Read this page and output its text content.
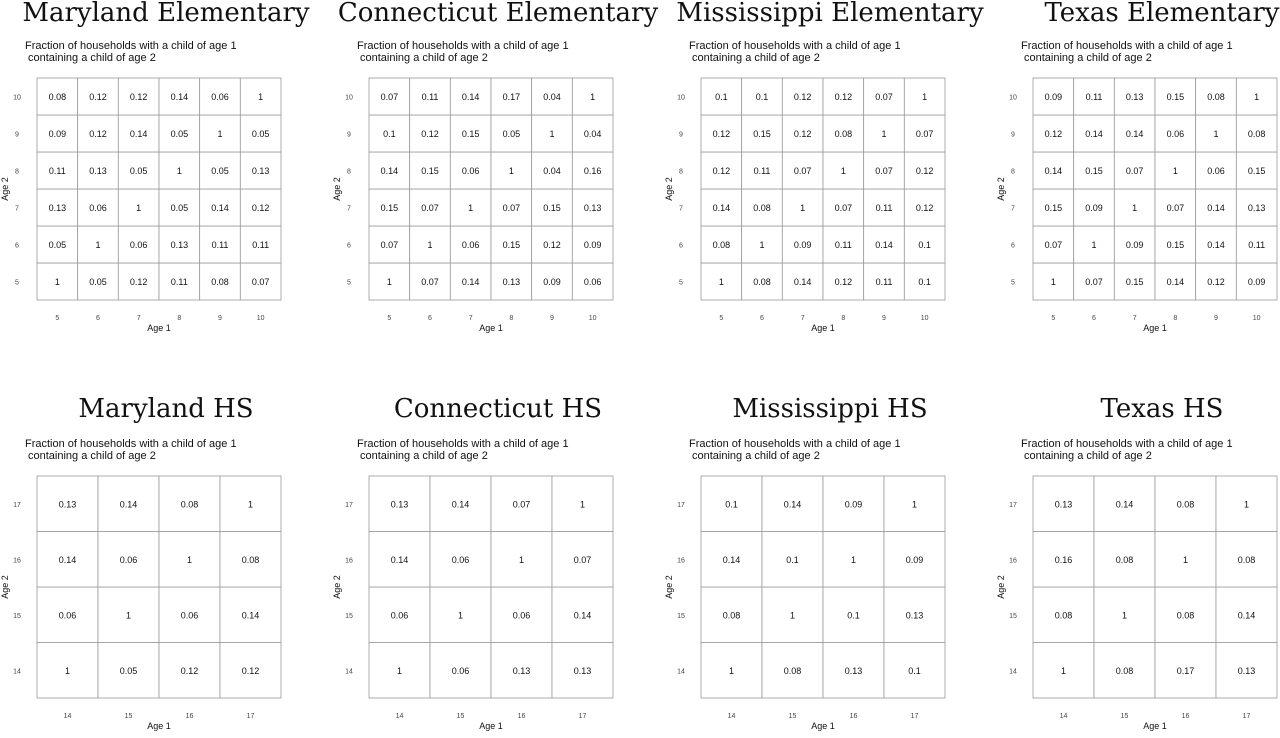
Maryland Elementary
Fraction of households with a child of age 1
containing a child of age 2
1	0.05	0.12	0.11	0.08	0.07
0.05	1	0.06	0.13	0.11	0.11
0.13	0.06	1	0.05	0.14	0.12
0.11	0.13	0.05	1	0.05	0.13
0.09	0.12	0.14	0.05	1	0.05
0.08	0.12	0.12	0.14	0.06	1
5
6
7
8
9
10
5	6	7	8	9	10
Age 1
Age 2
Connecticut Elementary
Fraction of households with a child of age 1
containing a child of age 2
1	0.07	0.14	0.13	0.09	0.06
0.07	1	0.06	0.15	0.12	0.09
0.15	0.07	1	0.07	0.15	0.13
0.14	0.15	0.06	1	0.04	0.16
0.1	0.12	0.15	0.05	1	0.04
0.07	0.11	0.14	0.17	0.04	1
5
6
7
8
9
10
5	6	7	8	9	10
Age 1
Age 2
Mississippi Elementary
Fraction of households with a child of age 1
containing a child of age 2
1	0.08	0.14	0.12	0.11	0.1
0.08	1	0.09	0.11	0.14	0.1
0.14	0.08	1	0.07	0.11	0.12
0.12	0.11	0.07	1	0.07	0.12
0.12	0.15	0.12	0.08	1	0.07
0.1	0.1	0.12	0.12	0.07	1
5
6
7
8
9
10
5	6	7	8	9	10
Age 1
Age 2
Texas Elementary
Fraction of households with a child of age 1
containing a child of age 2
1	0.07	0.15	0.14	0.12	0.09
0.07	1	0.09	0.15	0.14	0.11
0.15	0.09	1	0.07	0.14	0.13
0.14	0.15	0.07	1	0.06	0.15
0.12	0.14	0.14	0.06	1	0.08
0.09	0.11	0.13	0.15	0.08	1
5
6
7
8
9
10
5	6	7	8	9	10
Age 1
Age 2
Maryland HS
Fraction of households with a child of age 1
containing a child of age 2
1	0.05	0.12	0.12
0.06	1	0.06	0.14
0.14	0.06	1	0.08
0.13	0.14	0.08	1
14
15
16
17
14	15	16	17
Age 1
Age 2
Connecticut HS
Fraction of households with a child of age 1
containing a child of age 2
1	0.06	0.13	0.13
0.06	1	0.06	0.14
0.14	0.06	1	0.07
0.13	0.14	0.07	1
14
15
16
17
14	15	16	17
Age 1
Age 2
Mississippi HS
Fraction of households with a child of age 1
containing a child of age 2
1	0.08	0.13	0.1
0.08	1	0.1	0.13
0.14	0.1	1	0.09
0.1	0.14	0.09	1
14
15
16
17
14	15	16	17
Age 1
Age 2
Texas HS
Fraction of households with a child of age 1
containing a child of age 2
1	0.08	0.17	0.13
0.08	1	0.08	0.14
0.16	0.08	1	0.08
0.13	0.14	0.08	1
14
15
16
17
14	15	16	17
Age 1
Age 2
